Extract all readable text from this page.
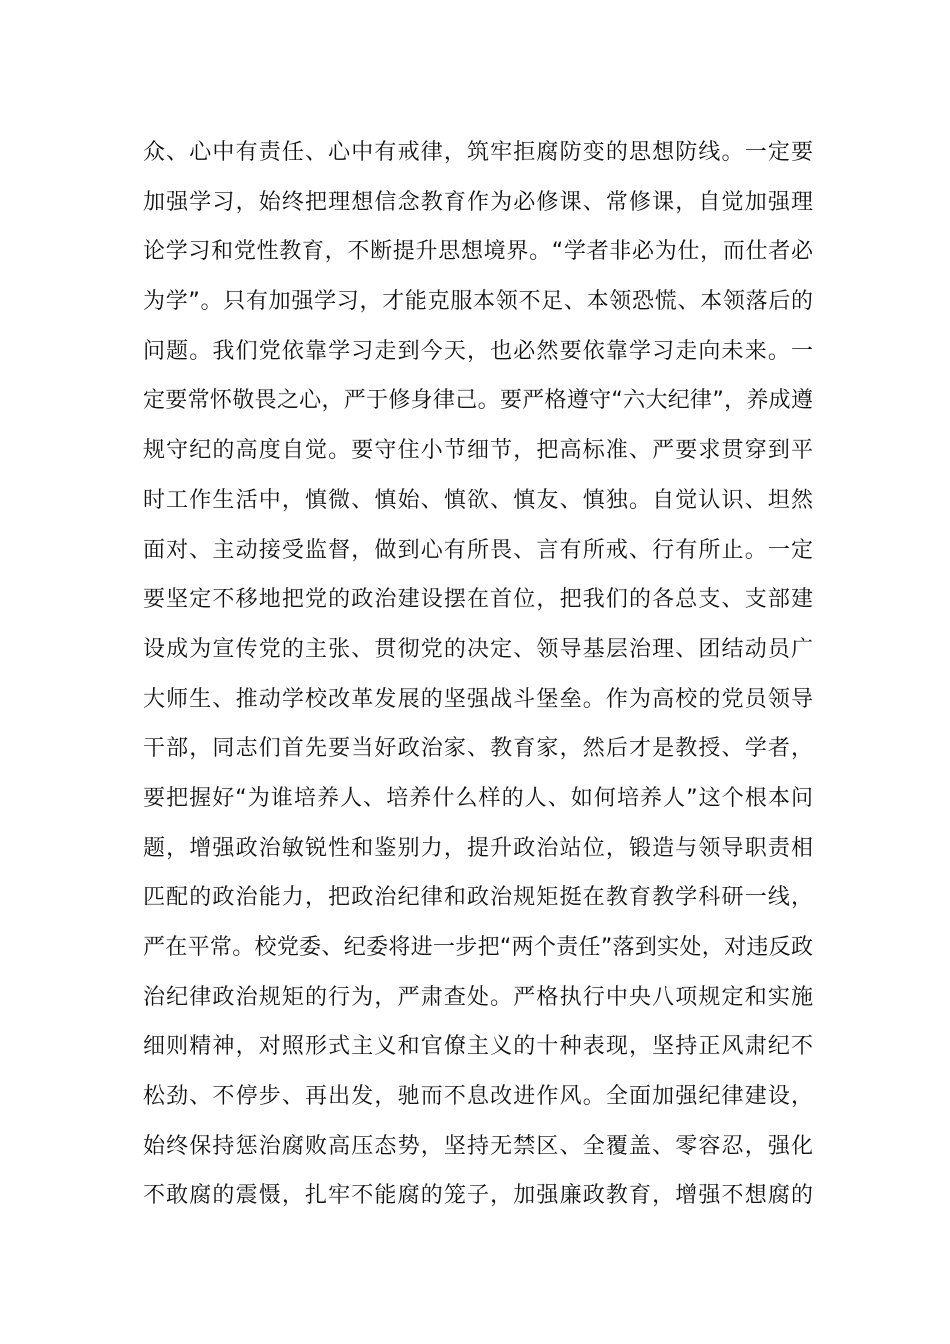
众、心中有责任、心中有戒律，筑牢拒腐防变的思想防线。一定要
加强学习，始终把理想信念教育作为必修课、常修课，自觉加强理
论学习和党性教育，不断提升思想境界。“学者非必为仕，而仕者必
为学”。只有加强学习，才能克服本领不足、本领恐慌、本领落后的
问题。我们党依靠学习走到今天，也必然要依靠学习走向未来。一
定要常怀敬畏之心，严于修身律己。要严格遵守“六大纪律”，养成遵
规守纪的高度自觉。要守住小节细节，把高标准、严要求贯穿到平
时工作生活中，慎微、慎始、慎欲、慎友、慎独。自觉认识、坦然
面对、主动接受监督，做到心有所畏、言有所戒、行有所止。一定
要坚定不移地把党的政治建设摆在首位，把我们的各总支、支部建
设成为宣传党的主张、贯彻党的决定、领导基层治理、团结动员广
大师生、推动学校改革发展的坚强战斗堡垒。作为高校的党员领导
干部，同志们首先要当好政治家、教育家，然后才是教授、学者，
要把握好“为谁培养人、培养什么样的人、如何培养人”这个根本问
题，增强政治敏锐性和鉴别力，提升政治站位，锻造与领导职责相
匹配的政治能力，把政治纪律和政治规矩挺在教育教学科研一线，
严在平常。校党委、纪委将进一步把“两个责任”落到实处，对违反政
治纪律政治规矩的行为，严肃查处。严格执行中央八项规定和实施
细则精神，对照形式主义和官僚主义的十种表现，坚持正风肃纪不
松劲、不停步、再出发，驰而不息改进作风。全面加强纪律建设，
始终保持惩治腐败高压态势，坚持无禁区、全覆盖、零容忍，强化
不敢腐的震慑，扎牢不能腐的笼子，加强廉政教育，增强不想腐的
